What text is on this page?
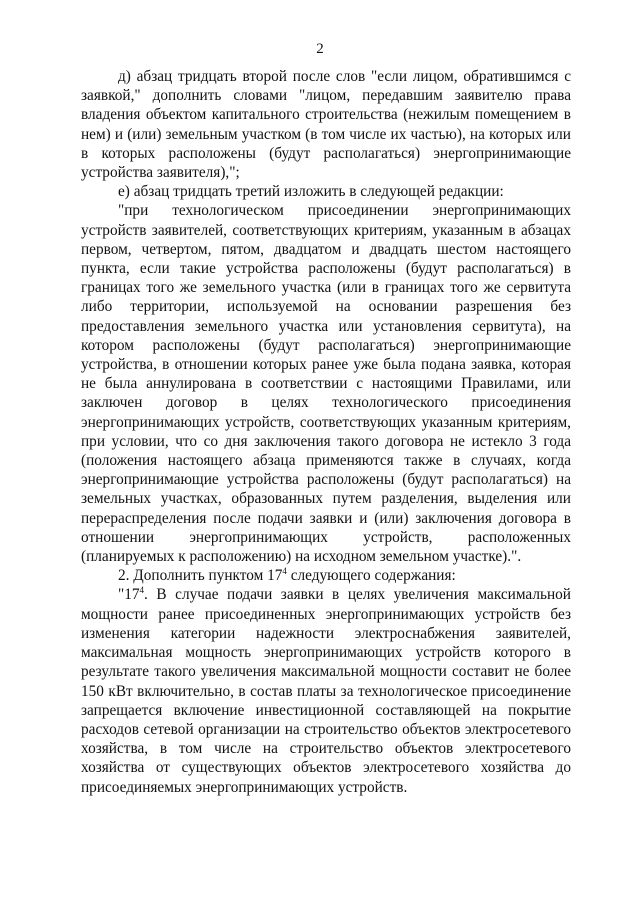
2

д) абзац тридцать второй после слов "если лицом, обратившимся с заявкой," дополнить словами "лицом, передавшим заявителю права владения объектом капитального строительства (нежилым помещением в нем) и (или) земельным участком (в том числе их частью), на которых или в которых расположены (будут располагаться) энергопринимающие устройства заявителя),";

е) абзац тридцать третий изложить в следующей редакции:

"при технологическом присоединении энергопринимающих устройств заявителей, соответствующих критериям, указанным в абзацах первом, четвертом, пятом, двадцатом и двадцать шестом настоящего пункта, если такие устройства расположены (будут располагаться) в границах того же земельного участка (или в границах того же сервитута либо территории, используемой на основании разрешения без предоставления земельного участка или установления сервитута), на котором расположены (будут располагаться) энергопринимающие устройства, в отношении которых ранее уже была подана заявка, которая не была аннулирована в соответствии с настоящими Правилами, или заключен договор в целях технологического присоединения энергопринимающих устройств, соответствующих указанным критериям, при условии, что со дня заключения такого договора не истекло 3 года (положения настоящего абзаца применяются также в случаях, когда энергопринимающие устройства расположены (будут располагаться) на земельных участках, образованных путем разделения, выделения или перераспределения после подачи заявки и (или) заключения договора в отношении энергопринимающих устройств, расположенных (планируемых к расположению) на исходном земельном участке).".

2. Дополнить пунктом $17^4$ следующего содержания:

"$17^4$. В случае подачи заявки в целях увеличения максимальной мощности ранее присоединенных энергопринимающих устройств без изменения категории надежности электроснабжения заявителей, максимальная мощность энергопринимающих устройств которого в результате такого увеличения максимальной мощности составит не более 150 кВт включительно, в состав платы за технологическое присоединение запрещается включение инвестиционной составляющей на покрытие расходов сетевой организации на строительство объектов электросетевого хозяйства, в том числе на строительство объектов электросетевого хозяйства от существующих объектов электросетевого хозяйства до присоединяемых энергопринимающих устройств.
